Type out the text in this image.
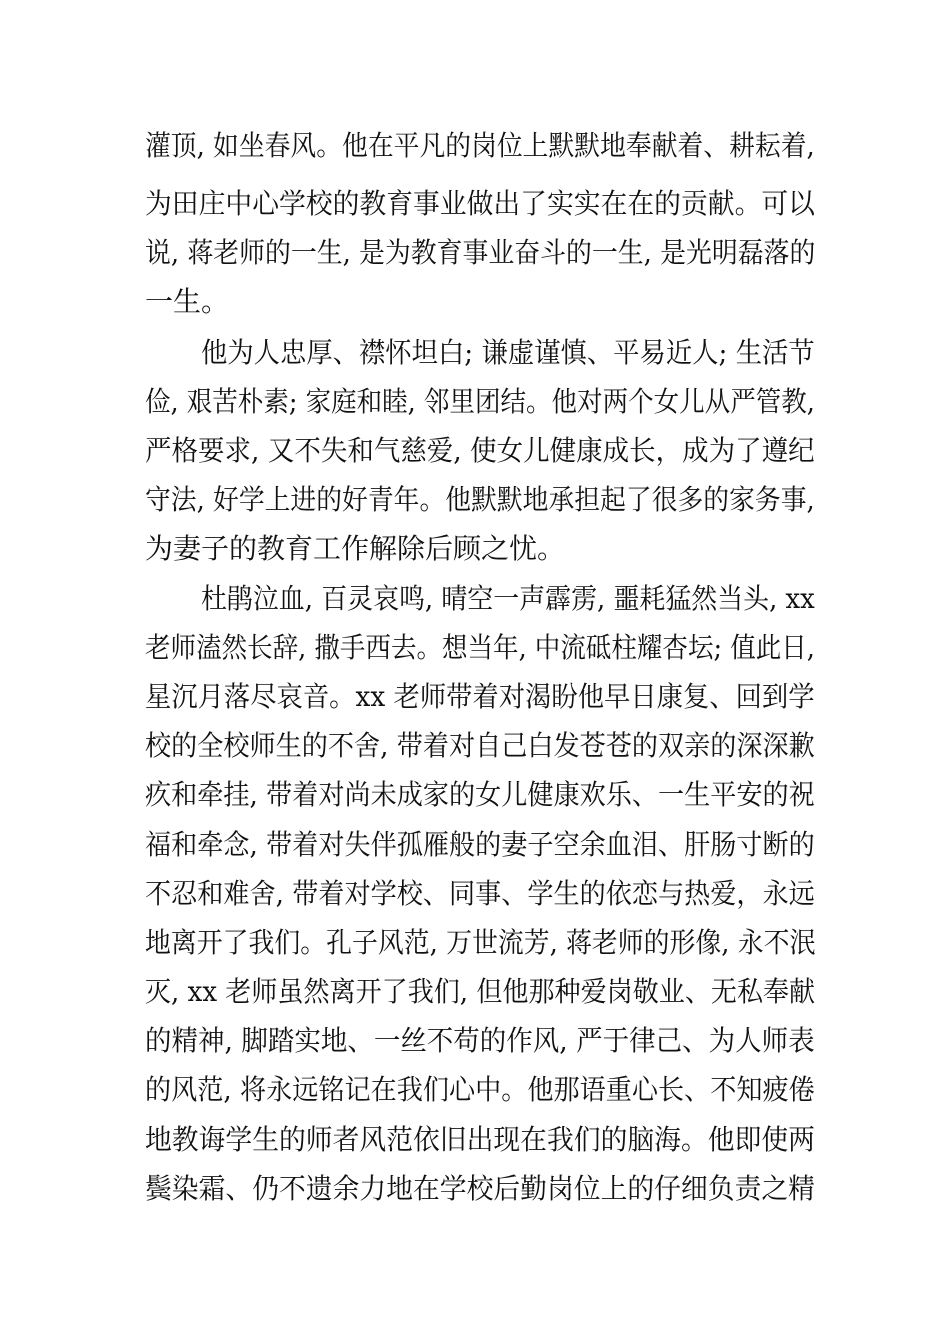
灌顶, 如坐春风。他在平凡的岗位上默默地奉献着、耕耘着,
为田庄中心学校的教育事业做出了实实在在的贡献。可以
说, 蒋老师的一生, 是为教育事业奋斗的一生, 是光明磊落的
一生。
他为人忠厚、襟怀坦白; 谦虚谨慎、平易近人; 生活节
俭, 艰苦朴素; 家庭和睦, 邻里团结。他对两个女儿从严管教,
严格要求, 又不失和气慈爱, 使女儿健康成长，成为了遵纪
守法, 好学上进的好青年。他默默地承担起了很多的家务事,
为妻子的教育工作解除后顾之忧。
杜鹃泣血, 百灵哀鸣, 晴空一声霹雳, 噩耗猛然当头, xx
老师溘然长辞, 撒手西去。想当年, 中流砥柱耀杏坛; 值此日,
星沉月落尽哀音。xx 老师带着对渴盼他早日康复、回到学
校的全校师生的不舍, 带着对自己白发苍苍的双亲的深深歉
疚和牵挂, 带着对尚未成家的女儿健康欢乐、一生平安的祝
福和牵念, 带着对失伴孤雁般的妻子空余血泪、肝肠寸断的
不忍和难舍, 带着对学校、同事、学生的依恋与热爱，永远
地离开了我们。孔子风范, 万世流芳, 蒋老师的形像, 永不泯
灭, xx 老师虽然离开了我们, 但他那种爱岗敬业、无私奉献
的精神, 脚踏实地、一丝不苟的作风, 严于律己、为人师表
的风范, 将永远铭记在我们心中。他那语重心长、不知疲倦
地教诲学生的师者风范依旧出现在我们的脑海。他即使两
鬓染霜、仍不遗余力地在学校后勤岗位上的仔细负责之精
